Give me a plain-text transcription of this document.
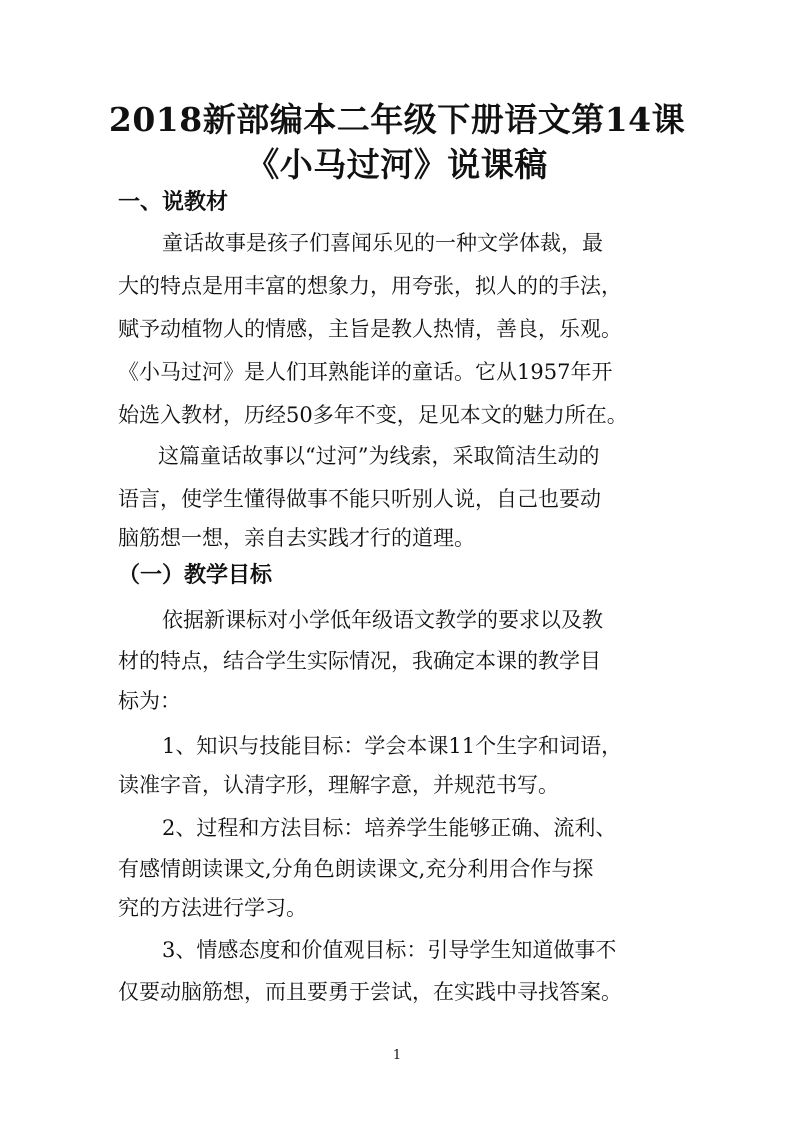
2018新部编本二年级下册语文第14课
《小马过河》说课稿
一、说教材
童话故事是孩子们喜闻乐见的一种文学体裁，最
大的特点是用丰富的想象力，用夸张，拟人的的手法，
赋予动植物人的情感，主旨是教人热情，善良，乐观。
《小马过河》是人们耳熟能详的童话。它从1957年开
始选入教材，历经50多年不变，足见本文的魅力所在。
这篇童话故事以“过河”为线索，采取简洁生动的
语言，使学生懂得做事不能只听别人说，自己也要动
脑筋想一想，亲自去实践才行的道理。
（一）教学目标
依据新课标对小学低年级语文教学的要求以及教
材的特点，结合学生实际情况，我确定本课的教学目
标为：
1、知识与技能目标：学会本课11个生字和词语，
读准字音，认清字形，理解字意，并规范书写。
2、过程和方法目标：培养学生能够正确、流利、
有感情朗读课文,分角色朗读课文,充分利用合作与探
究的方法进行学习。
3、情感态度和价值观目标：引导学生知道做事不
仅要动脑筋想，而且要勇于尝试，在实践中寻找答案。
1
